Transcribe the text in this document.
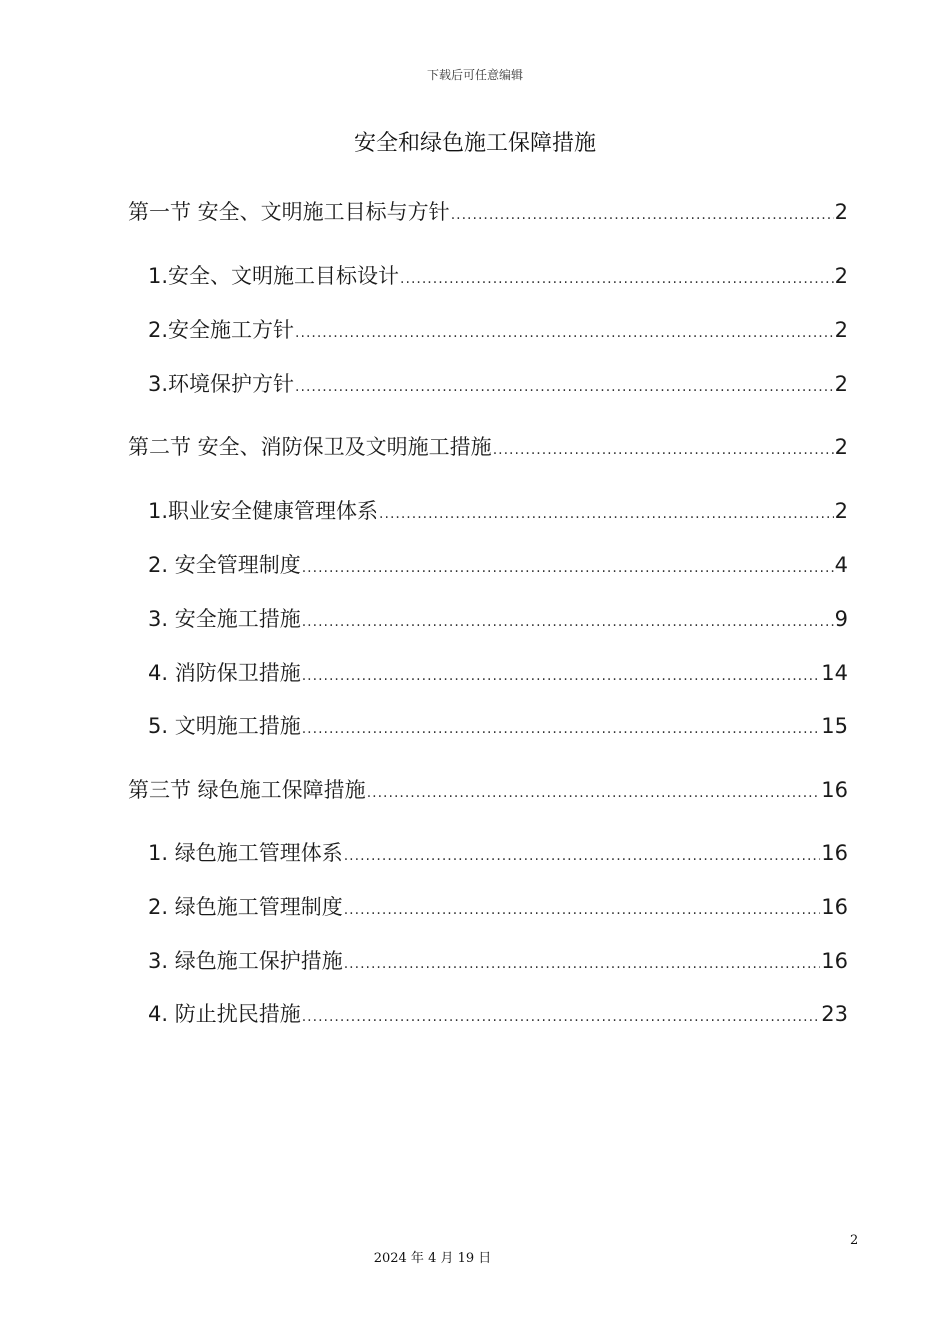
下载后可任意编辑
安全和绿色施工保障措施
第一节 安全、文明施工目标与方针 .....	2
1.安全、文明施工目标设计 .....	2
2.安全施工方针 .....	2
3.环境保护方针 .....	2
第二节 安全、消防保卫及文明施工措施 .....	2
1.职业安全健康管理体系 .....	2
2. 安全管理制度 .....	4
3. 安全施工措施 .....	9
4. 消防保卫措施 .....	14
5. 文明施工措施 .....	15
第三节 绿色施工保障措施 .....	16
1. 绿色施工管理体系 .....	16
2. 绿色施工管理制度 .....	16
3. 绿色施工保护措施 .....	16
4. 防止扰民措施 .....	23
2
2024 年 4 月 19 日
